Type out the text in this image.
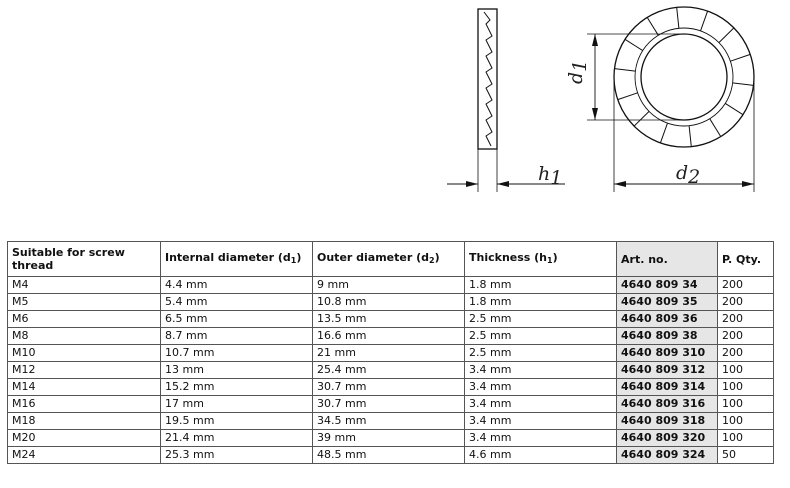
h1
d1
d2
Suitable for screw thread	Internal diameter $(d_1)$	Outer diameter $(d_2)$	Thickness $(h_1)$	Art. no.	P. Qty.
M4	4.4 mm	9 mm	1.8 mm	4640 809 34	200
M5	5.4 mm	10.8 mm	1.8 mm	4640 809 35	200
M6	6.5 mm	13.5 mm	2.5 mm	4640 809 36	200
M8	8.7 mm	16.6 mm	2.5 mm	4640 809 38	200
M10	10.7 mm	21 mm	2.5 mm	4640 809 310	200
M12	13 mm	25.4 mm	3.4 mm	4640 809 312	100
M14	15.2 mm	30.7 mm	3.4 mm	4640 809 314	100
M16	17 mm	30.7 mm	3.4 mm	4640 809 316	100
M18	19.5 mm	34.5 mm	3.4 mm	4640 809 318	100
M20	21.4 mm	39 mm	3.4 mm	4640 809 320	100
M24	25.3 mm	48.5 mm	4.6 mm	4640 809 324	50
